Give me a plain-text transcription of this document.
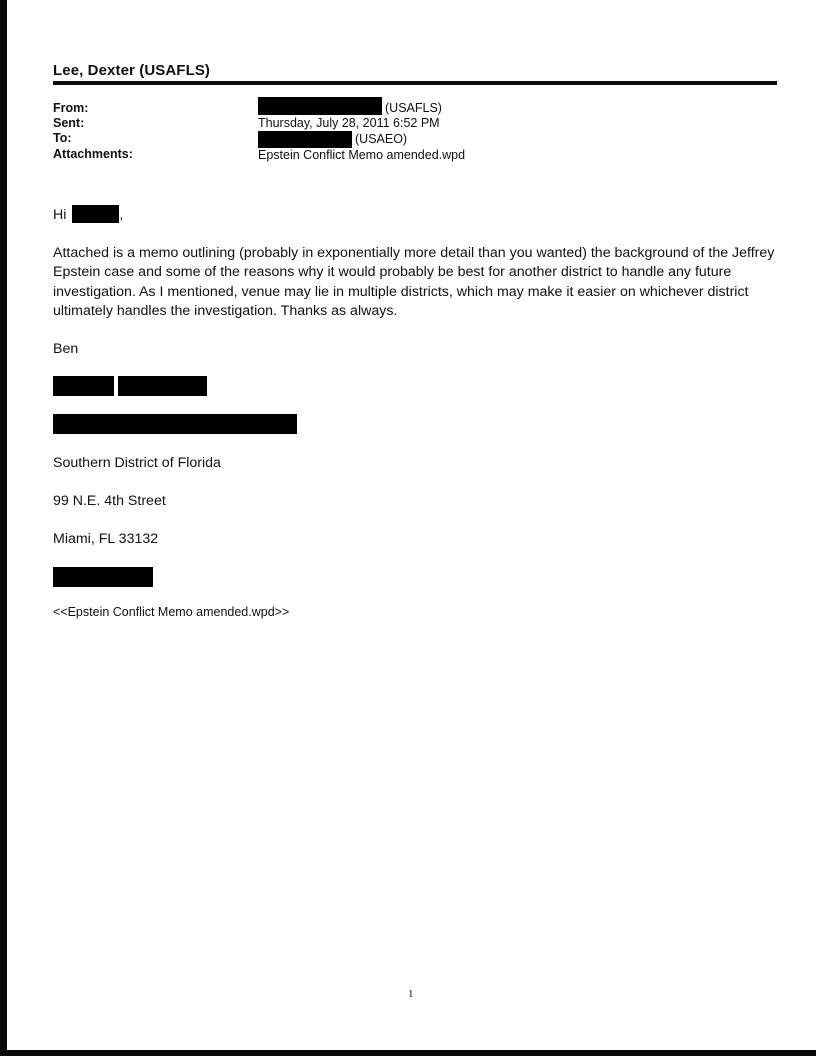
Lee, Dexter (USAFLS)
From:	(USAFLS)
Sent:	Thursday, July 28, 2011 6:52 PM
To:	(USAEO)
Attachments:	Epstein Conflict Memo amended.wpd
Hi	,
Attached is a memo outlining (probably in exponentially more detail than you wanted) the background of the Jeffrey Epstein case and some of the reasons why it would probably be best for another district to handle any future investigation. As I mentioned, venue may lie in multiple districts, which may make it easier on whichever district ultimately handles the investigation. Thanks as always.
Ben
Southern District of Florida
99 N.E. 4th Street
Miami, FL 33132
<<Epstein Conflict Memo amended.wpd>>
1
